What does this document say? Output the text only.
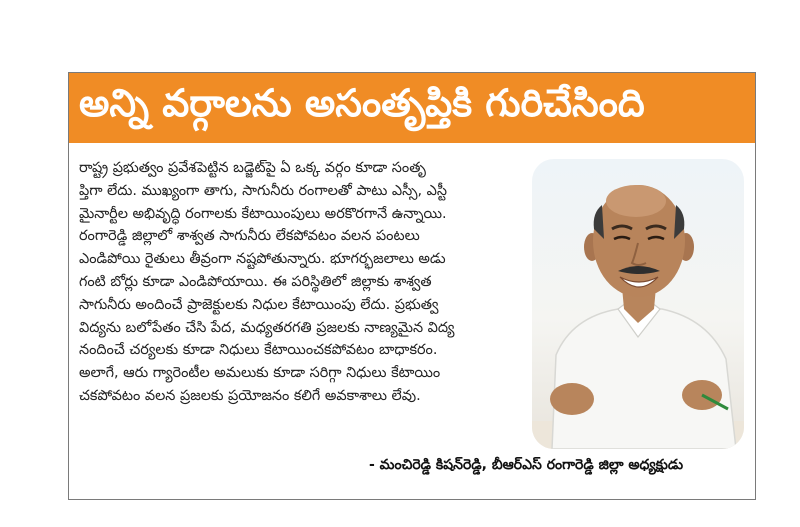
అన్ని వర్గాలను అసంతృప్తికి గురిచేసింది
రాష్ట్ర ప్రభుత్వం ప్రవేశపెట్టిన బడ్జెట్‌పై ఏ ఒక్క వర్గం కూడా సంతృ
ప్తిగా లేదు. ముఖ్యంగా తాగు, సాగునీరు రంగాలతో పాటు ఎస్సీ, ఎస్టీ
మైనార్టీల అభివృద్ధి రంగాలకు కేటాయింపులు అరకొరగానే ఉన్నాయి.
రంగారెడ్డి జిల్లాలో శాశ్వత సాగునీరు లేకపోవటం వలన పంటలు
ఎండిపోయి రైతులు తీవ్రంగా నష్టపోతున్నారు. భూగర్భజలాలు అడు
గంటి బోర్లు కూడా ఎండిపోయాయి. ఈ పరిస్థితిలో జిల్లాకు శాశ్వత
సాగునీరు అందించే ప్రాజెక్టులకు నిధుల కేటాయింపు లేదు. ప్రభుత్వ
విద్యను బలోపేతం చేసి పేద, మధ్యతరగతి ప్రజలకు నాణ్యమైన విద్య
నందించే చర్యలకు కూడా నిధులు కేటాయించకపోవటం బాధాకరం.
అలాగే, ఆరు గ్యారెంటీల అమలుకు కూడా సరిగ్గా నిధులు కేటాయిం
చకపోవటం వలన ప్రజలకు ప్రయోజనం కలిగే అవకాశాలు లేవు.
- మంచిరెడ్డి కిషన్‌రెడ్డి, బీఆర్‌ఎస్ రంగారెడ్డి జిల్లా అధ్యక్షుడు
